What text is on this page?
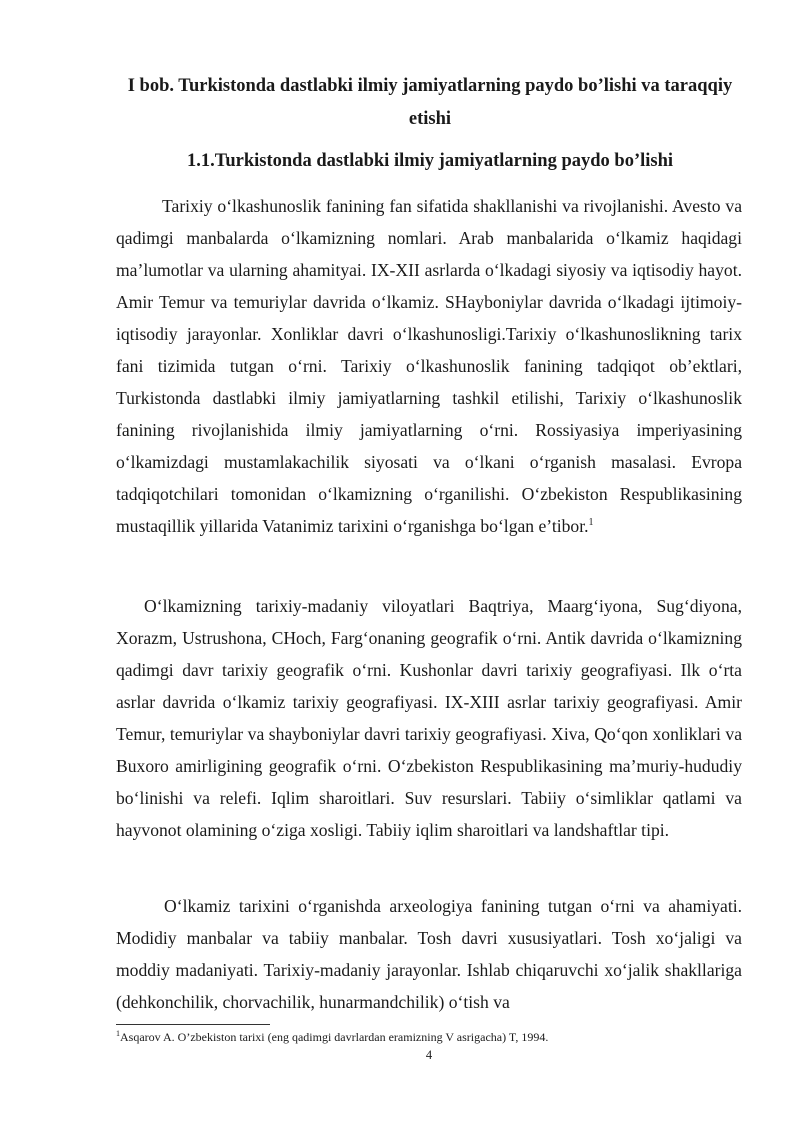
I bob. Turkistonda dastlabki ilmiy jamiyatlarning paydo bo’lishi va taraqqiy etishi
1.1.Turkistonda dastlabki ilmiy jamiyatlarning paydo bo’lishi

Tarixiy o‘lkashunoslik fanining fan sifatida shakllanishi va rivojlanishi. Avesto va qadimgi manbalarda o‘lkamizning nomlari. Arab manbalarida o‘lkamiz haqidagi ma’lumotlar va ularning ahamityai. IX-XII asrlarda o‘lkadagi siyosiy va iqtisodiy hayot. Amir Temur va temuriylar davrida o‘lkamiz. SHayboniylar davrida o‘lkadagi ijtimoiy-iqtisodiy jarayonlar. Xonliklar davri o‘lkashunosligi.Tarixiy o‘lkashunoslikning tarix fani tizimida tutgan o‘rni. Tarixiy o‘lkashunoslik fanining tadqiqot ob’ektlari, Turkistonda dastlabki ilmiy jamiyatlarning tashkil etilishi, Tarixiy o‘lkashunoslik fanining rivojlanishida ilmiy jamiyatlarning o‘rni. Rossiyasiya imperiyasining o‘lkamizdagi mustamlakachilik siyosati va o‘lkani o‘rganish masalasi. Evropa tadqiqotchilari tomonidan o‘lkamizning o‘rganilishi. O‘zbekiston Respublikasining mustaqillik yillarida Vatanimiz tarixini o‘rganishga bo‘lgan e’tibor.$^1$

O‘lkamizning tarixiy-madaniy viloyatlari Baqtriya, Maarg‘iyona, Sug‘diyona, Xorazm, Ustrushona, CHoch, Farg‘onaning geografik o‘rni. Antik davrida o‘lkamizning qadimgi davr tarixiy geografik o‘rni. Kushonlar davri tarixiy geografiyasi. Ilk o‘rta asrlar davrida o‘lkamiz tarixiy geografiyasi. IX-XIII asrlar tarixiy geografiyasi. Amir Temur, temuriylar va shayboniylar davri tarixiy geografiyasi. Xiva, Qo‘qon xonliklari va Buxoro amirligining geografik o‘rni. O‘zbekiston Respublikasining ma’muriy-hududiy bo‘linishi va relefi. Iqlim sharoitlari. Suv resurslari. Tabiiy o‘simliklar qatlami va hayvonot olamining o‘ziga xosligi. Tabiiy iqlim sharoitlari va landshaftlar tipi.

O‘lkamiz tarixini o‘rganishda arxeologiya fanining tutgan o‘rni va ahamiyati. Modidiy manbalar va tabiiy manbalar. Tosh davri xususiyatlari. Tosh xo‘jaligi va moddiy madaniyati. Tarixiy-madaniy jarayonlar. Ishlab chiqaruvchi xo‘jalik shakllariga (dehkonchilik, chorvachilik, hunarmandchilik) o‘tish va

$^1$Asqarov A. O’zbekiston tarixi (eng qadimgi davrlardan eramizning V asrigacha) T, 1994.

4
